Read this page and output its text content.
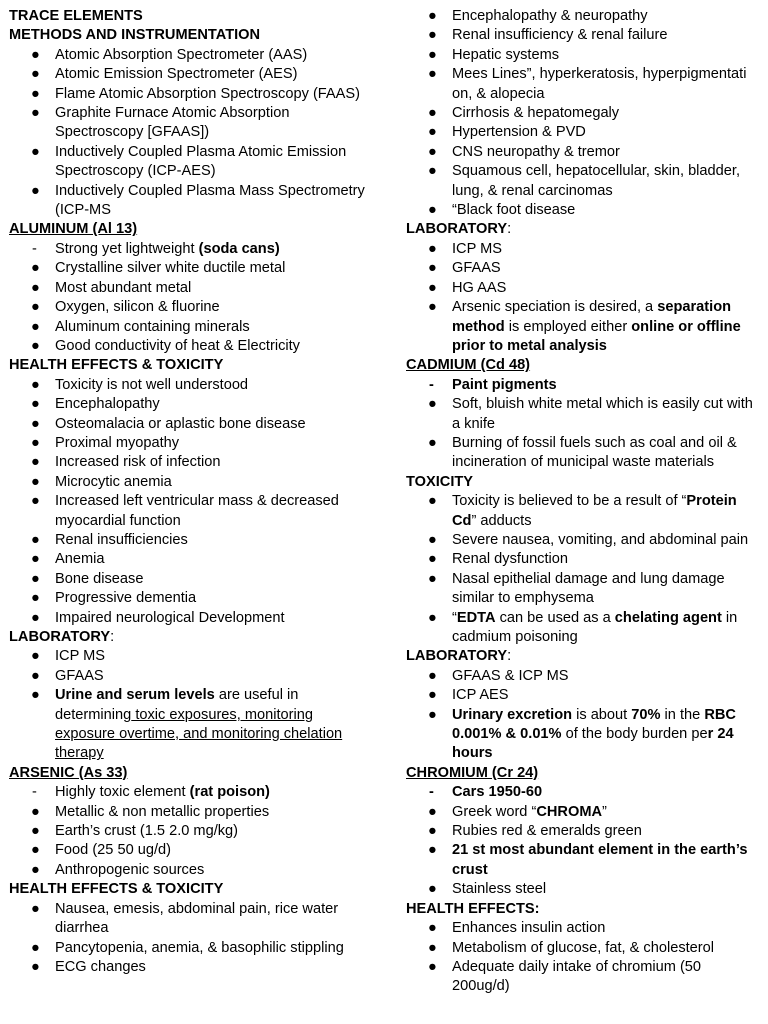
TRACE ELEMENTS
METHODS AND INSTRUMENTATION
●	Atomic Absorption Spectrometer (AAS)
●	Atomic Emission Spectrometer (AES)
●	Flame Atomic Absorption Spectroscopy (FAAS)
●	Graphite Furnace Atomic Absorption Spectroscopy [GFAAS])
●	Inductively Coupled Plasma Atomic Emission Spectroscopy (ICP-AES)
●	Inductively Coupled Plasma Mass Spectrometry (ICP-MS
ALUMINUM (Al 13)
-	Strong yet lightweight (soda cans)
●	Crystalline silver white ductile metal
●	Most abundant metal
●	Oxygen, silicon & fluorine
●	Aluminum containing minerals
●	Good conductivity of heat & Electricity
HEALTH EFFECTS & TOXICITY
●	Toxicity is not well understood
●	Encephalopathy
●	Osteomalacia or aplastic bone disease
●	Proximal myopathy
●	Increased risk of infection
●	Microcytic anemia
●	Increased left ventricular mass & decreased myocardial function
●	Renal insufficiencies
●	Anemia
●	Bone disease
●	Progressive dementia
●	Impaired neurological Development
LABORATORY:
●	ICP MS
●	GFAAS
●	Urine and serum levels are useful in determining toxic exposures, monitoring exposure overtime, and monitoring chelation therapy
ARSENIC (As 33)
-	Highly toxic element (rat poison)
●	Metallic & non metallic properties
●	Earth’s crust (1.5 2.0 mg/kg)
●	Food (25 50 ug/d)
●	Anthropogenic sources
HEALTH EFFECTS & TOXICITY
●	Nausea, emesis, abdominal pain, rice water diarrhea
●	Pancytopenia, anemia, & basophilic stippling
●	ECG changes
●	Encephalopathy & neuropathy
●	Renal insufficiency & renal failure
●	Hepatic systems
●	Mees Lines”, hyperkeratosis, hyperpigmentati on, & alopecia
●	Cirrhosis & hepatomegaly
●	Hypertension & PVD
●	CNS neuropathy & tremor
●	Squamous cell, hepatocellular, skin, bladder, lung, & renal carcinomas
●	“Black foot disease
LABORATORY:
●	ICP MS
●	GFAAS
●	HG AAS
●	Arsenic speciation is desired, a separation method is employed either online or offline prior to metal analysis
CADMIUM (Cd 48)
-	Paint pigments
●	Soft, bluish white metal which is easily cut with a knife
●	Burning of fossil fuels such as coal and oil & incineration of municipal waste materials
TOXICITY
●	Toxicity is believed to be a result of “Protein Cd” adducts
●	Severe nausea, vomiting, and abdominal pain
●	Renal dysfunction
●	Nasal epithelial damage and lung damage similar to emphysema
●	“EDTA can be used as a chelating agent in cadmium poisoning
LABORATORY:
●	GFAAS & ICP MS
●	ICP AES
●	Urinary excretion is about 70% in the RBC 0.001% & 0.01% of the body burden per 24 hours
CHROMIUM (Cr 24)
-	Cars 1950-60
●	Greek word “CHROMA”
●	Rubies red & emeralds green
●	21 st most abundant element in the earth’s crust
●	Stainless steel
HEALTH EFFECTS:
●	Enhances insulin action
●	Metabolism of glucose, fat, & cholesterol
●	Adequate daily intake of chromium (50 200ug/d)
